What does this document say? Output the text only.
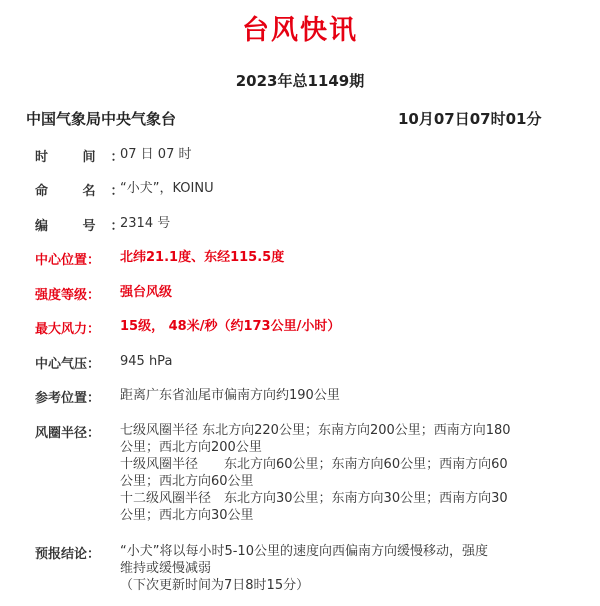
台风快讯
2023年总1149期
中国气象局中央气象台	10月07日07时01分
时 间：
07 日 07 时
命 名：
“小犬”，KOINU
编 号：
2314 号
中心位置： 北纬21.1度、东经115.5度
强度等级： 强台风级
最大风力： 15级， 48米/秒（约173公里/小时）
中心气压： 945 hPa
参考位置： 距离广东省汕尾市偏南方向约190公里
风圈半径： 七级风圈半径 东北方向220公里；东南方向200公里；西南方向180
公里；西北方向200公里
十级风圈半径　　东北方向60公里；东南方向60公里；西南方向60
公里；西北方向60公里
十二级风圈半径　东北方向30公里；东南方向30公里；西南方向30
公里；西北方向30公里
预报结论： “小犬”将以每小时5-10公里的速度向西偏南方向缓慢移动，强度
维持或缓慢减弱
（下次更新时间为7日8时15分）
